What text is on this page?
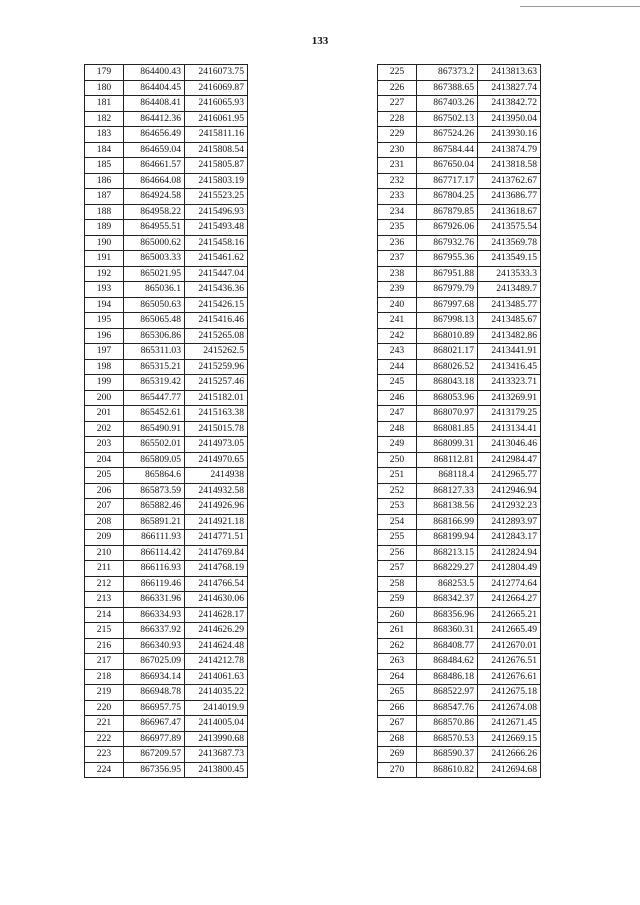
133
179	864400.43	2416073.75
180	864404.45	2416069.87
181	864408.41	2416065.93
182	864412.36	2416061.95
183	864656.49	2415811.16
184	864659.04	2415808.54
185	864661.57	2415805.87
186	864664.08	2415803.19
187	864924.58	2415523.25
188	864958.22	2415496.93
189	864955.51	2415493.48
190	865000.62	2415458.16
191	865003.33	2415461.62
192	865021.95	2415447.04
193	865036.1	2415436.36
194	865050.63	2415426.15
195	865065.48	2415416.46
196	865306.86	2415265.08
197	865311.03	2415262.5
198	865315.21	2415259.96
199	865319.42	2415257.46
200	865447.77	2415182.01
201	865452.61	2415163.38
202	865490.91	2415015.78
203	865502.01	2414973.05
204	865809.05	2414970.65
205	865864.6	2414938
206	865873.59	2414932.58
207	865882.46	2414926.96
208	865891.21	2414921.18
209	866111.93	2414771.51
210	866114.42	2414769.84
211	866116.93	2414768.19
212	866119.46	2414766.54
213	866331.96	2414630.06
214	866334.93	2414628.17
215	866337.92	2414626.29
216	866340.93	2414624.48
217	867025.09	2414212.78
218	866934.14	2414061.63
219	866948.78	2414035.22
220	866957.75	2414019.9
221	866967.47	2414005.04
222	866977.89	2413990.68
223	867209.57	2413687.73
224	867356.95	2413800.45
225	867373.2	2413813.63
226	867388.65	2413827.74
227	867403.26	2413842.72
228	867502.13	2413950.04
229	867524.26	2413930.16
230	867584.44	2413874.79
231	867650.04	2413818.58
232	867717.17	2413762.67
233	867804.25	2413686.77
234	867879.85	2413618.67
235	867926.06	2413575.54
236	867932.76	2413569.78
237	867955.36	2413549.15
238	867951.88	2413533.3
239	867979.79	2413489.7
240	867997.68	2413485.77
241	867998.13	2413485.67
242	868010.89	2413482.86
243	868021.17	2413441.91
244	868026.52	2413416.45
245	868043.18	2413323.71
246	868053.96	2413269.91
247	868070.97	2413179.25
248	868081.85	2413134.41
249	868099.31	2413046.46
250	868112.81	2412984.47
251	868118.4	2412965.77
252	868127.33	2412946.94
253	868138.56	2412932.23
254	868166.99	2412893.97
255	868199.94	2412843.17
256	868213.15	2412824.94
257	868229.27	2412804.49
258	868253.5	2412774.64
259	868342.37	2412664.27
260	868356.96	2412665.21
261	868360.31	2412665.49
262	868408.77	2412670.01
263	868484.62	2412676.51
264	868486.18	2412676.61
265	868522.97	2412675.18
266	868547.76	2412674.08
267	868570.86	2412671.45
268	868570.53	2412669.15
269	868590.37	2412666.26
270	868610.82	2412694.68
